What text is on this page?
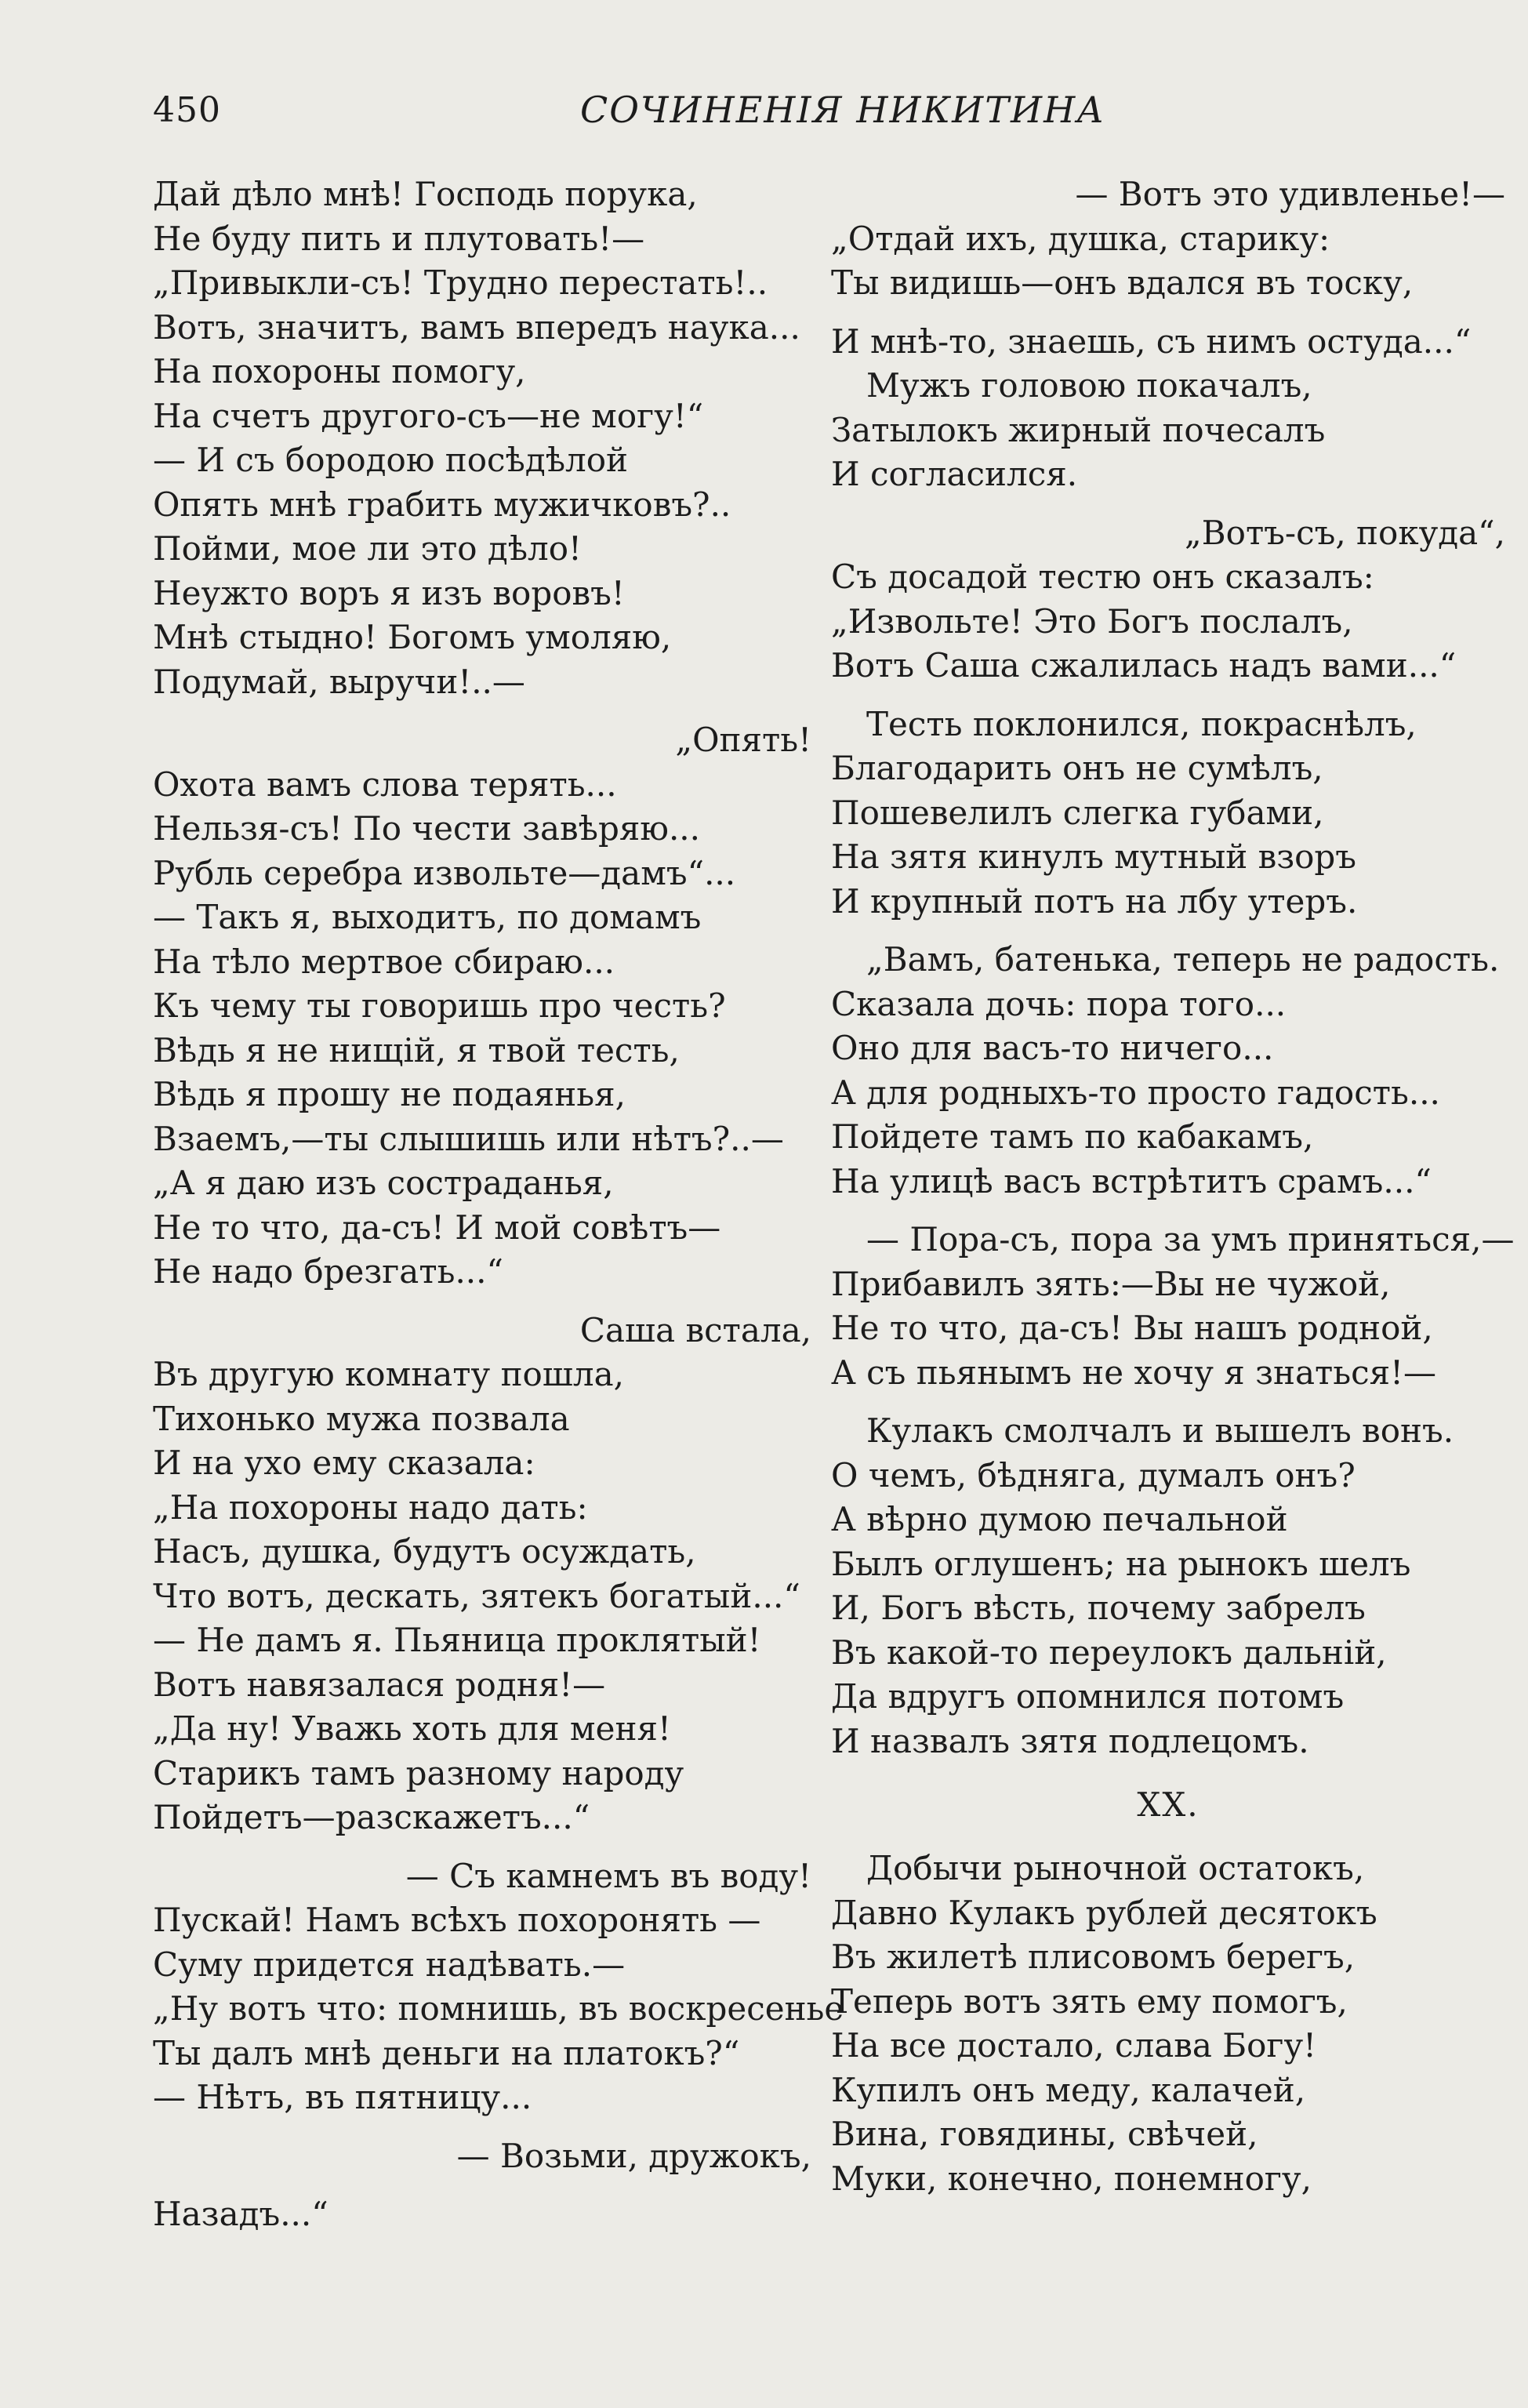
450	СОЧИНЕНІЯ НИКИТИНА
Дай дѣло мнѣ! Господь порука,
Не буду пить и плутовать!—
„Привыкли-съ! Трудно перестать!..
Вотъ, значитъ, вамъ впередъ наука...
На похороны помогу,
На счетъ другого-съ—не могу!“
— И съ бородою посѣдѣлой
Опять мнѣ грабить мужичковъ?..
Пойми, мое ли это дѣло!
Неужто воръ я изъ воровъ!
Мнѣ стыдно! Богомъ умоляю,
Подумай, выручи!..—
„Опять!
Охота вамъ слова терять...
Нельзя-съ! По чести завѣряю...
Рубль серебра извольте—дамъ“...
— Такъ я, выходитъ, по домамъ
На тѣло мертвое сбираю...
Къ чему ты говоришь про честь?
Вѣдь я не нищій, я твой тесть,
Вѣдь я прошу не подаянья,
Взаемъ,—ты слышишь или нѣтъ?..—
„А я даю изъ состраданья,
Не то что, да-съ! И мой совѣтъ—
Не надо брезгать...“
Саша встала,
Въ другую комнату пошла,
Тихонько мужа позвала
И на ухо ему сказала:
„На похороны надо дать:
Насъ, душка, будутъ осуждать,
Что вотъ, дескать, зятекъ богатый...“
— Не дамъ я. Пьяница проклятый!
Вотъ навязалася родня!—
„Да ну! Уважь хоть для меня!
Старикъ тамъ разному народу
Пойдетъ—разскажетъ...“
— Съ камнемъ въ воду!
Пускай! Намъ всѣхъ похоронять —
Суму придется надѣвать.—
„Ну вотъ что: помнишь, въ воскресенье
Ты далъ мнѣ деньги на платокъ?“
— Нѣтъ, въ пятницу...
— Возьми, дружокъ,
Назадъ...“
— Вотъ это удивленье!—
„Отдай ихъ, душка, старику:
Ты видишь—онъ вдался въ тоску,
И мнѣ-то, знаешь, съ нимъ остуда...“
Мужъ головою покачалъ,
Затылокъ жирный почесалъ
И согласился.
„Вотъ-съ, покуда“,
Съ досадой тестю онъ сказалъ:
„Извольте! Это Богъ послалъ,
Вотъ Саша сжалилась надъ вами...“
Тесть поклонился, покраснѣлъ,
Благодарить онъ не сумѣлъ,
Пошевелилъ слегка губами,
На зятя кинулъ мутный взоръ
И крупный потъ на лбу утеръ.
„Вамъ, батенька, теперь не радость.
Сказала дочь: пора того...
Оно для васъ-то ничего...
А для родныхъ-то просто гадость...
Пойдете тамъ по кабакамъ,
На улицѣ васъ встрѣтитъ срамъ...“
— Пора-съ, пора за умъ приняться,—
Прибавилъ зять:—Вы не чужой,
Не то что, да-съ! Вы нашъ родной,
А съ пьянымъ не хочу я знаться!—
Кулакъ смолчалъ и вышелъ вонъ.
О чемъ, бѣдняга, думалъ онъ?
А вѣрно думою печальной
Былъ оглушенъ; на рынокъ шелъ
И, Богъ вѣсть, почему забрелъ
Въ какой-то переулокъ дальній,
Да вдругъ опомнился потомъ
И назвалъ зятя подлецомъ.
XX.
Добычи рыночной остатокъ,
Давно Кулакъ рублей десятокъ
Въ жилетѣ плисовомъ берегъ,
Теперь вотъ зять ему помогъ,
На все достало, слава Богу!
Купилъ онъ меду, калачей,
Вина, говядины, свѣчей,
Муки, конечно, понемногу,
